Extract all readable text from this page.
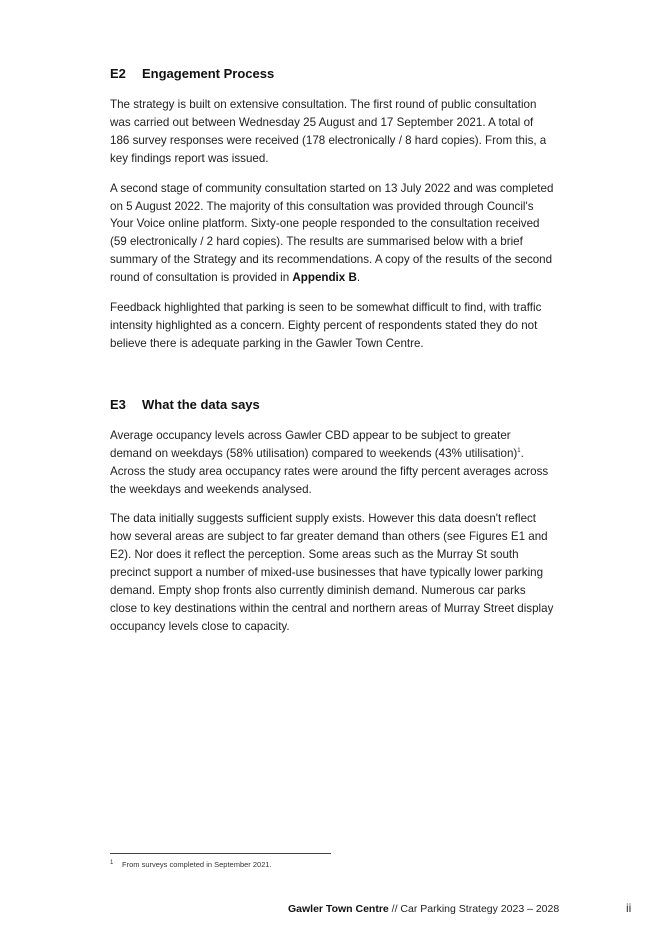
E2 Engagement Process

The strategy is built on extensive consultation. The first round of public consultation was carried out between Wednesday 25 August and 17 September 2021. A total of 186 survey responses were received (178 electronically / 8 hard copies). From this, a key findings report was issued.

A second stage of community consultation started on 13 July 2022 and was completed on 5 August 2022. The majority of this consultation was provided through Council's Your Voice online platform. Sixty-one people responded to the consultation received (59 electronically / 2 hard copies). The results are summarised below with a brief summary of the Strategy and its recommendations. A copy of the results of the second round of consultation is provided in Appendix B.

Feedback highlighted that parking is seen to be somewhat difficult to find, with traffic intensity highlighted as a concern. Eighty percent of respondents stated they do not believe there is adequate parking in the Gawler Town Centre.

E3 What the data says

Average occupancy levels across Gawler CBD appear to be subject to greater demand on weekdays (58% utilisation) compared to weekends (43% utilisation)$^1$. Across the study area occupancy rates were around the fifty percent averages across the weekdays and weekends analysed.

The data initially suggests sufficient supply exists. However this data doesn't reflect how several areas are subject to far greater demand than others (see Figures E1 and E2). Nor does it reflect the perception. Some areas such as the Murray St south precinct support a number of mixed-use businesses that have typically lower parking demand. Empty shop fronts also currently diminish demand. Numerous car parks close to key destinations within the central and northern areas of Murray Street display occupancy levels close to capacity.

1 From surveys completed in September 2021.
Gawler Town Centre // Car Parking Strategy 2023 – 2028	ii
